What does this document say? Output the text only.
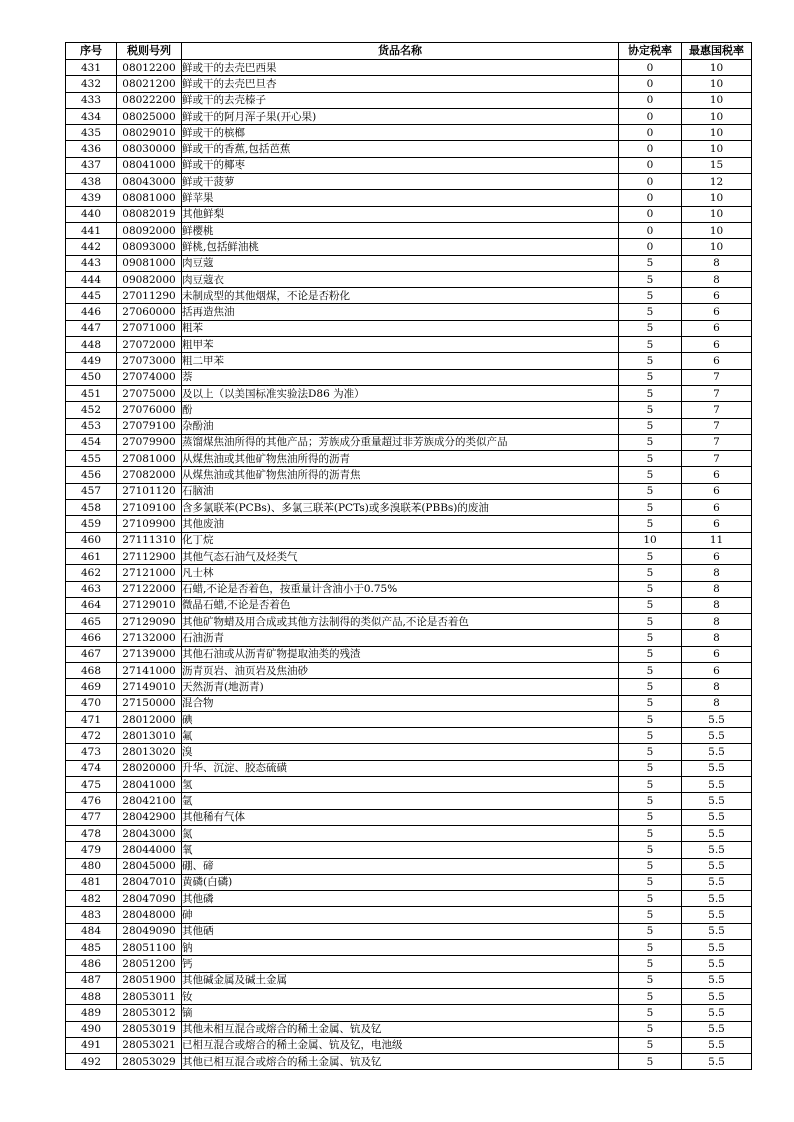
序号	税则号列	货品名称	协定税率	最惠国税率
431	08012200	鲜或干的去壳巴西果	0	10
432	08021200	鲜或干的去壳巴旦杏	0	10
433	08022200	鲜或干的去壳榛子	0	10
434	08025000	鲜或干的阿月浑子果(开心果)	0	10
435	08029010	鲜或干的槟榔	0	10
436	08030000	鲜或干的香蕉,包括芭蕉	0	10
437	08041000	鲜或干的椰枣	0	15
438	08043000	鲜或干菠萝	0	12
439	08081000	鲜苹果	0	10
440	08082019	其他鲜梨	0	10
441	08092000	鲜樱桃	0	10
442	08093000	鲜桃,包括鲜油桃	0	10
443	09081000	肉豆蔻	5	8
444	09082000	肉豆蔻衣	5	8
445	27011290	未制成型的其他烟煤，不论是否粉化	5	6
446	27060000	括再造焦油	5	6
447	27071000	粗苯	5	6
448	27072000	粗甲苯	5	6
449	27073000	粗二甲苯	5	6
450	27074000	萘	5	7
451	27075000	及以上（以美国标准实验法D86 为准）	5	7
452	27076000	酚	5	7
453	27079100	杂酚油	5	7
454	27079900	蒸馏煤焦油所得的其他产品；芳族成分重量超过非芳族成分的类似产品	5	7
455	27081000	从煤焦油或其他矿物焦油所得的沥青	5	7
456	27082000	从煤焦油或其他矿物焦油所得的沥青焦	5	6
457	27101120	石脑油	5	6
458	27109100	含多氯联苯(PCBs)、多氯三联苯(PCTs)或多溴联苯(PBBs)的废油	5	6
459	27109900	其他废油	5	6
460	27111310	化丁烷	10	11
461	27112900	其他气态石油气及烃类气	5	6
462	27121000	凡士林	5	8
463	27122000	石蜡,不论是否着色，按重量计含油小于0.75%	5	8
464	27129010	微晶石蜡,不论是否着色	5	8
465	27129090	其他矿物蜡及用合成或其他方法制得的类似产品,不论是否着色	5	8
466	27132000	石油沥青	5	8
467	27139000	其他石油或从沥青矿物提取油类的残渣	5	6
468	27141000	沥青页岩、油页岩及焦油砂	5	6
469	27149010	天然沥青(地沥青)	5	8
470	27150000	混合物	5	8
471	28012000	碘	5	5.5
472	28013010	氟	5	5.5
473	28013020	溴	5	5.5
474	28020000	升华、沉淀、胶态硫磺	5	5.5
475	28041000	氢	5	5.5
476	28042100	氩	5	5.5
477	28042900	其他稀有气体	5	5.5
478	28043000	氮	5	5.5
479	28044000	氧	5	5.5
480	28045000	硼、碲	5	5.5
481	28047010	黄磷(白磷)	5	5.5
482	28047090	其他磷	5	5.5
483	28048000	砷	5	5.5
484	28049090	其他硒	5	5.5
485	28051100	钠	5	5.5
486	28051200	钙	5	5.5
487	28051900	其他碱金属及碱土金属	5	5.5
488	28053011	钕	5	5.5
489	28053012	镝	5	5.5
490	28053019	其他未相互混合或熔合的稀土金属、钪及钇	5	5.5
491	28053021	已相互混合或熔合的稀土金属、钪及钇，电池级	5	5.5
492	28053029	其他已相互混合或熔合的稀土金属、钪及钇	5	5.5
